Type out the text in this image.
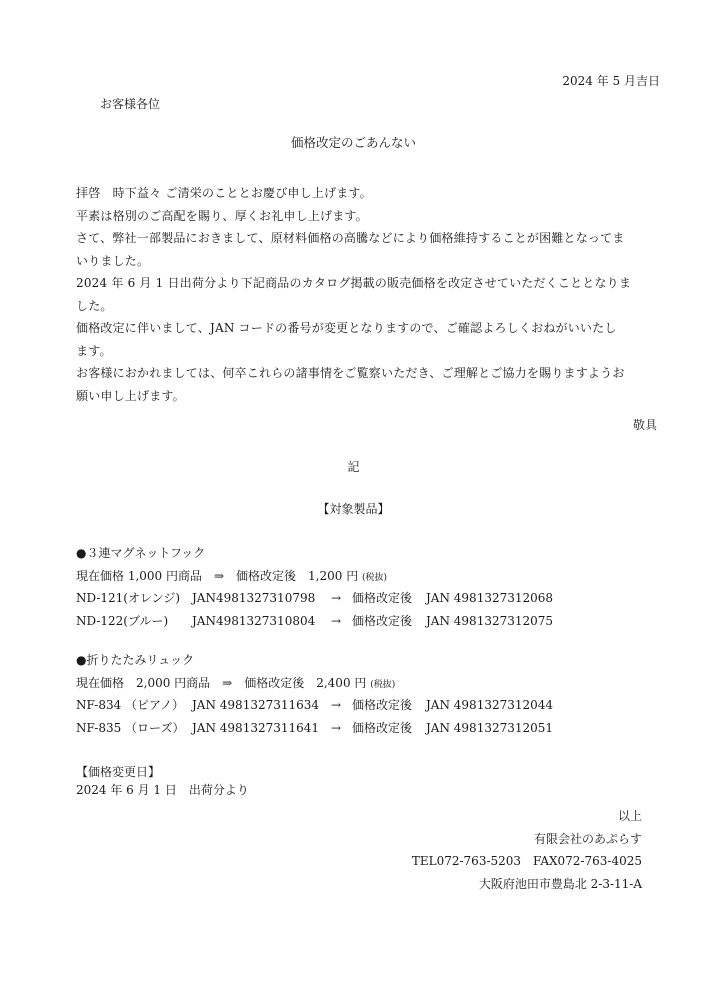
2024 年 5 月吉日
お客様各位
価格改定のごあんない

拝啓　時下益々 ご清栄のこととお慶び申し上げます。

平素は格別のご高配を賜り、厚くお礼申し上げます。

さて、弊社一部製品におきまして、原材料価格の高騰などにより価格維持することが困難となってま

いりました。

2024 年 6 月 1 日出荷分より下記商品のカタログ掲載の販売価格を改定させていただくこととなりま

した。

価格改定に伴いまして、JAN コードの番号が変更となりますので、ご確認よろしくおねがいいたし

ます。

お客様におかれましては、何卒これらの諸事情をご覧察いただき、ご理解とご協力を賜りますようお

願い申し上げます。

敬具
記
【対象製品】
●３連マグネットフック
現在価格 1,000 円商品　⇒　価格改定後　1,200 円 (税抜)
ND-121(オレンジ) JAN4981327310798 → 価格改定後 JAN 4981327312068
ND-122(ブルー) JAN4981327310804 → 価格改定後 JAN 4981327312075
●折りたたみリュック
現在価格　2,000 円商品　⇒　価格改定後　2,400 円 (税抜)
NF-834 （ピアノ） JAN 4981327311634 → 価格改定後 JAN 4981327312044
NF-835 （ローズ） JAN 4981327311641 → 価格改定後 JAN 4981327312051
【価格変更日】
2024 年 6 月 1 日　出荷分より
以上
有限会社のあぷらす
TEL072-763-5203　FAX072-763-4025
大阪府池田市豊島北 2-3-11-A
